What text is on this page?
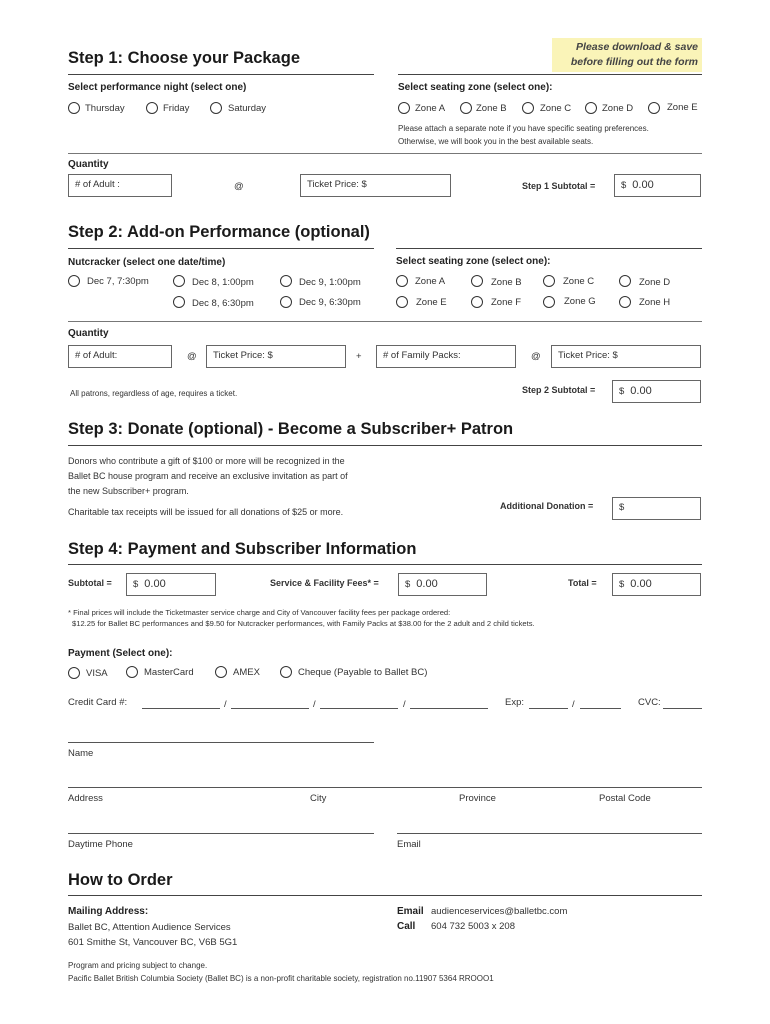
Please download & save
before filling out the form
Step 1: Choose your Package
Select performance night (select one)	Select seating zone (select one):
Thursday	Friday	Saturday	Zone A	Zone B	Zone C	Zone D	Zone E
Please attach a separate note if you have specific seating preferences.
Otherwise, we will book you in the best available seats.
Quantity
# of Adult :	@	Ticket Price: $	Step 1 Subtotal =	$ 0.00
Step 2: Add-on Performance (optional)
Nutcracker (select one date/time)	Select seating zone (select one):
Dec 7, 7:30pm	Dec 8, 1:00pm	Dec 9, 1:00pm
Dec 8, 6:30pm	Dec 9, 6:30pm
Zone A	Zone B	Zone C	Zone D
Zone E	Zone F	Zone G	Zone H
Quantity
# of Adult:	@	Ticket Price: $	+	# of Family Packs:	@	Ticket Price: $
All patrons, regardless of age, requires a ticket.	Step 2 Subtotal =	$ 0.00
Step 3: Donate (optional) - Become a Subscriber+ Patron
Donors who contribute a gift of $100 or more will be recognized in the
Ballet BC house program and receive an exclusive invitation as part of
the new Subscriber+ program.
Charitable tax receipts will be issued for all donations of $25 or more.
Additional Donation =	$
Step 4: Payment and Subscriber Information
Subtotal =	$ 0.00	Service & Facility Fees* =	$ 0.00	Total =	$ 0.00
* Final prices will include the Ticketmaster service charge and City of Vancouver facility fees per package ordered:
$12.25 for Ballet BC performances and $9.50 for Nutcracker performances, with Family Packs at $38.00 for the 2 adult and 2 child tickets.
Payment (Select one):
VISA	MasterCard	AMEX	Cheque (Payable to Ballet BC)
Credit Card #:	/	/	/	Exp:	/	CVC:
Name
Address	City	Province	Postal Code
Daytime Phone	Email
How to Order
Mailing Address:
Ballet BC, Attention Audience Services
601 Smithe St, Vancouver BC, V6B 5G1
Email audienceservices@balletbc.com
Call 604 732 5003 x 208
Program and pricing subject to change.
Pacific Ballet British Columbia Society (Ballet BC) is a non-profit charitable society, registration no.11907 5364 RROOO1
